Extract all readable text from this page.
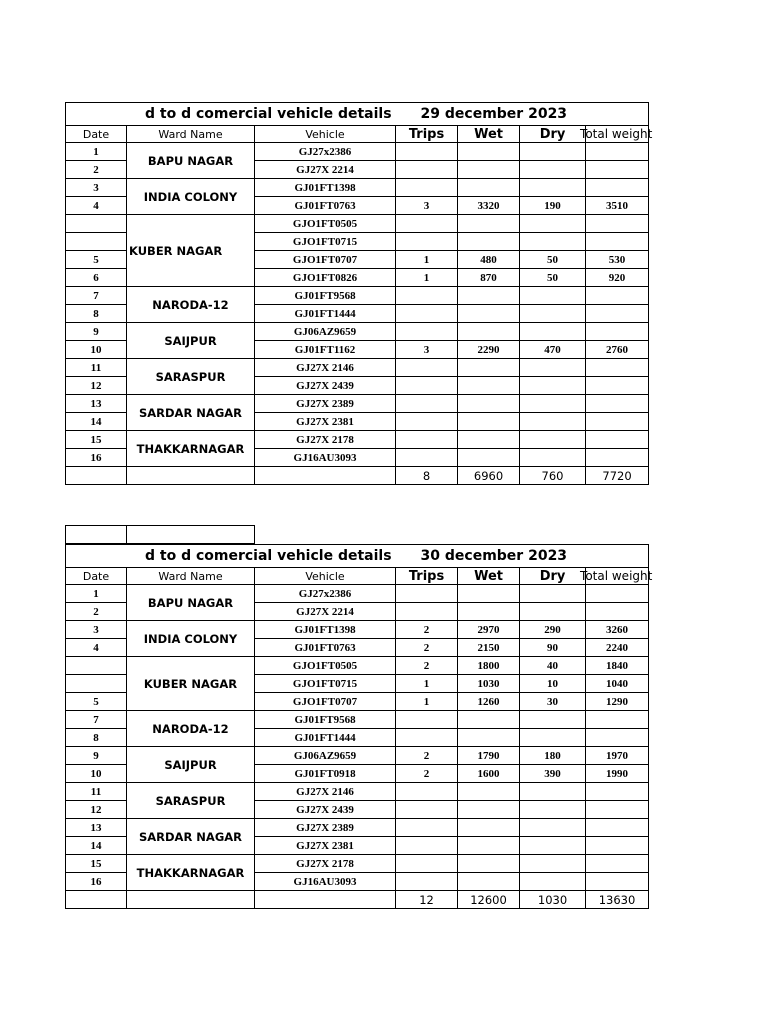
d to d comercial vehicle details			29 december 2023			
Date	Ward Name	Vehicle	Trips	Wet	Dry	Total weight
1	BAPU NAGAR	GJ27x2386				
2		GJ27X 2214				
3	INDIA COLONY	GJ01FT1398				
4		GJ01FT0763	3	3320	190	3510
	KUBER NAGAR	GJO1FT0505				
		GJO1FT0715				
5		GJO1FT0707	1	480	50	530
6		GJO1FT0826	1	870	50	920
7	NARODA-12	GJ01FT9568				
8		GJ01FT1444				
9	SAIJPUR	GJ06AZ9659				
10		GJ01FT1162	3	2290	470	2760
11	SARASPUR	GJ27X 2146				
12		GJ27X 2439				
13	SARDAR NAGAR	GJ27X 2389				
14		GJ27X 2381				
15	THAKKARNAGAR	GJ27X 2178				
16		GJ16AU3093				
			8	6960	760	7720

d to d comercial vehicle details			30 december 2023			
Date	Ward Name	Vehicle	Trips	Wet	Dry	Total weight
1	BAPU NAGAR	GJ27x2386				
2		GJ27X 2214				
3	INDIA COLONY	GJ01FT1398	2	2970	290	3260
4		GJ01FT0763	2	2150	90	2240
	KUBER NAGAR	GJO1FT0505	2	1800	40	1840
		GJO1FT0715	1	1030	10	1040
5		GJO1FT0707	1	1260	30	1290
7	NARODA-12	GJ01FT9568				
8		GJ01FT1444				
9	SAIJPUR	GJ06AZ9659	2	1790	180	1970
10		GJ01FT0918	2	1600	390	1990
11	SARASPUR	GJ27X 2146				
12		GJ27X 2439				
13	SARDAR NAGAR	GJ27X 2389				
14		GJ27X 2381				
15	THAKKARNAGAR	GJ27X 2178				
16		GJ16AU3093				
			12	12600	1030	13630
